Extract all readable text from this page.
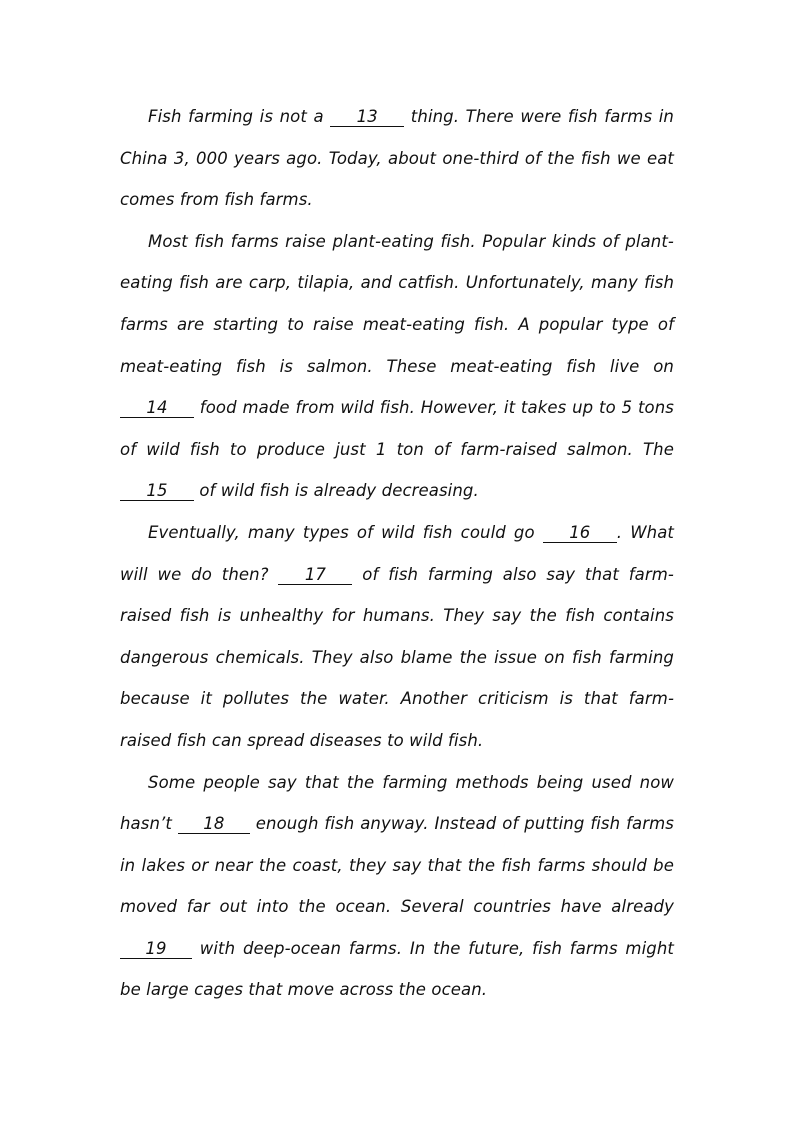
Fish farming is not a 13 thing. There were fish farms in China 3, 000 years ago. Today, about one-third of the fish we eat comes from fish farms.

Most fish farms raise plant-eating fish. Popular kinds of plant-eating fish are carp, tilapia, and catfish. Unfortunately, many fish farms are starting to raise meat-eating fish. A popular type of meat-eating fish is salmon. These meat-eating fish live on 14 food made from wild fish. However, it takes up to 5 tons of wild fish to produce just 1 ton of farm-raised salmon. The 15 of wild fish is already decreasing.

Eventually, many types of wild fish could go 16 . What will we do then? 17 of fish farming also say that farm-raised fish is unhealthy for humans. They say the fish contains dangerous chemicals. They also blame the issue on fish farming because it pollutes the water. Another criticism is that farm-raised fish can spread diseases to wild fish.

Some people say that the farming methods being used now hasn’t 18 enough fish anyway. Instead of putting fish farms in lakes or near the coast, they say that the fish farms should be moved far out into the ocean. Several countries have already 19 with deep-ocean farms. In the future, fish farms might be large cages that move across the ocean.
